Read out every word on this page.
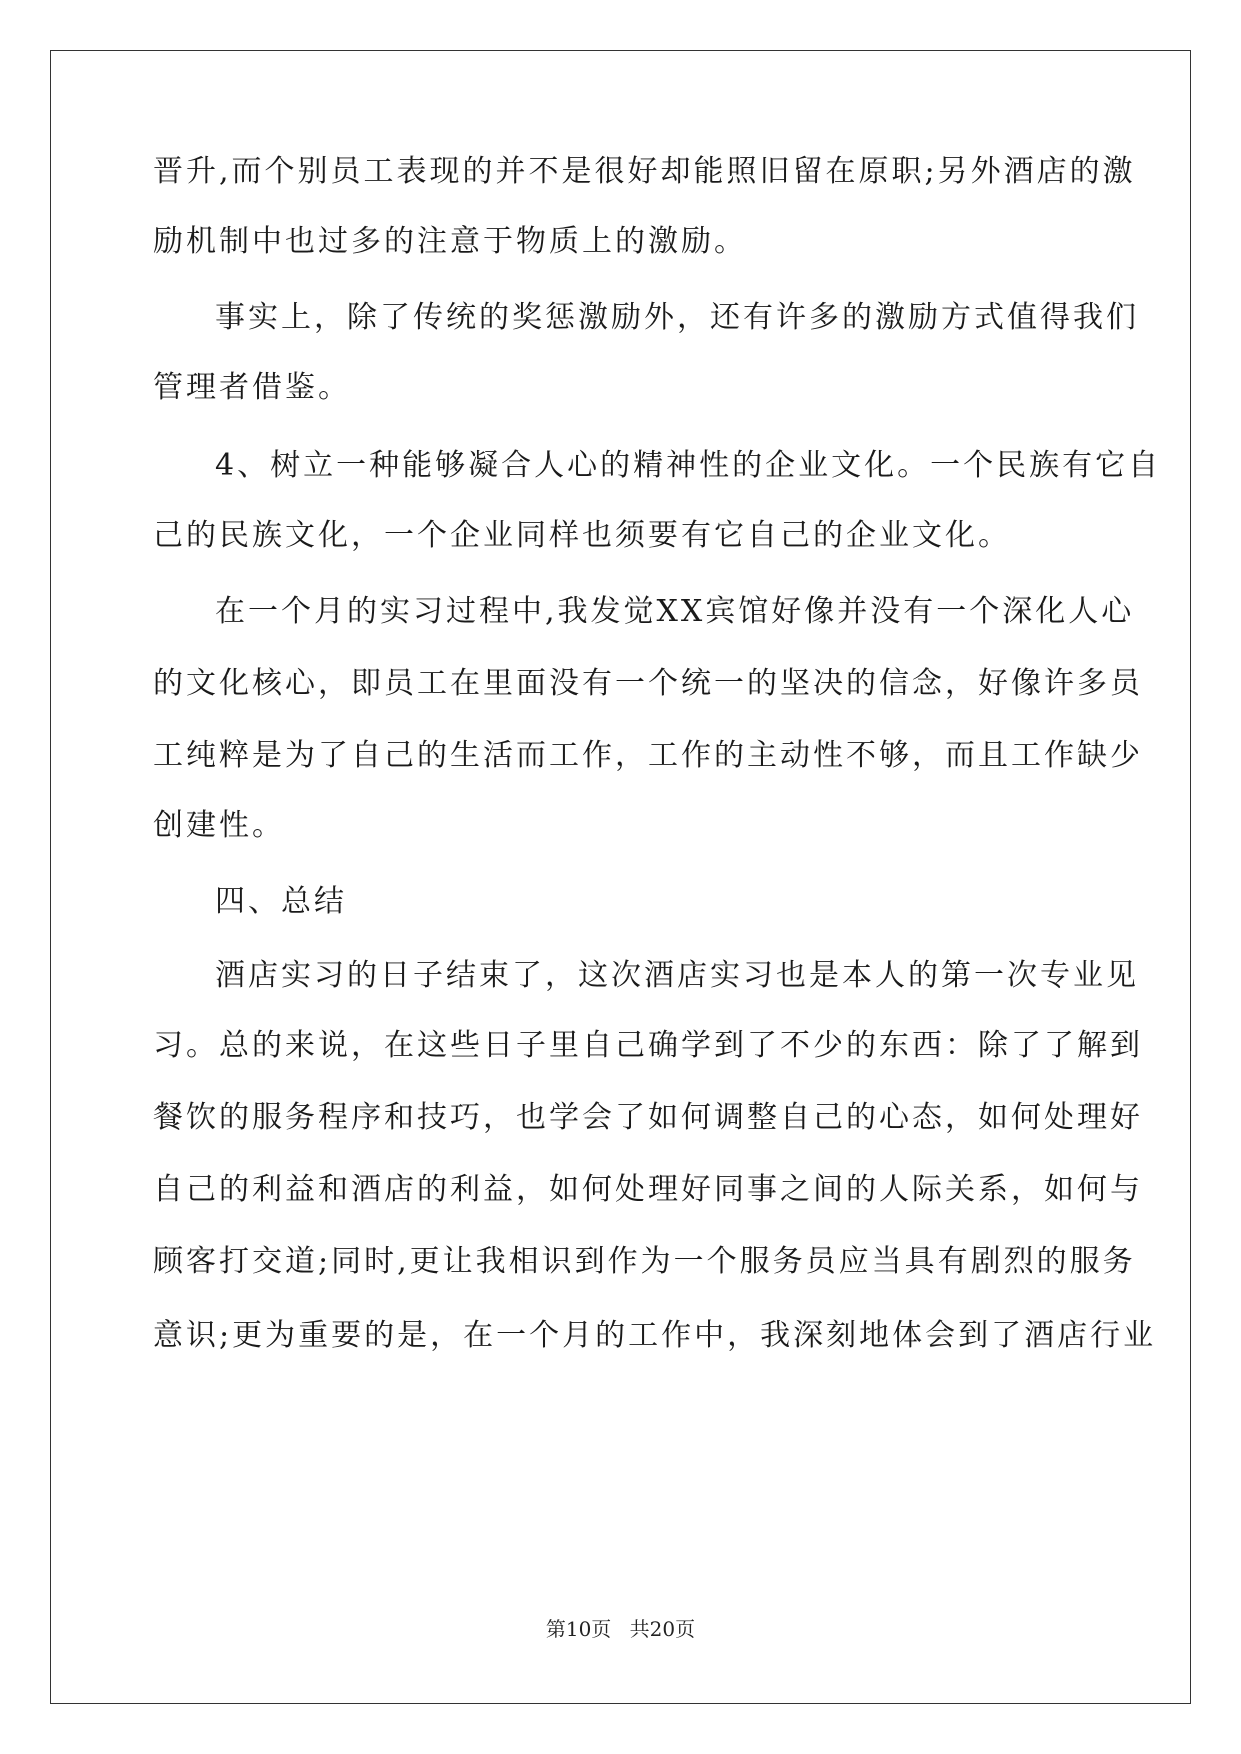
晋升,而个别员工表现的并不是很好却能照旧留在原职;另外酒店的激
励机制中也过多的注意于物质上的激励。
事实上，除了传统的奖惩激励外，还有许多的激励方式值得我们
管理者借鉴。
4、树立一种能够凝合人心的精神性的企业文化。一个民族有它自
己的民族文化，一个企业同样也须要有它自己的企业文化。
在一个月的实习过程中,我发觉XX宾馆好像并没有一个深化人心
的文化核心，即员工在里面没有一个统一的坚决的信念，好像许多员
工纯粹是为了自己的生活而工作，工作的主动性不够，而且工作缺少
创建性。
四、总结
酒店实习的日子结束了，这次酒店实习也是本人的第一次专业见
习。总的来说，在这些日子里自己确学到了不少的东西：除了了解到
餐饮的服务程序和技巧，也学会了如何调整自己的心态，如何处理好
自己的利益和酒店的利益，如何处理好同事之间的人际关系，如何与
顾客打交道;同时,更让我相识到作为一个服务员应当具有剧烈的服务
意识;更为重要的是，在一个月的工作中，我深刻地体会到了酒店行业
第10页 共20页
